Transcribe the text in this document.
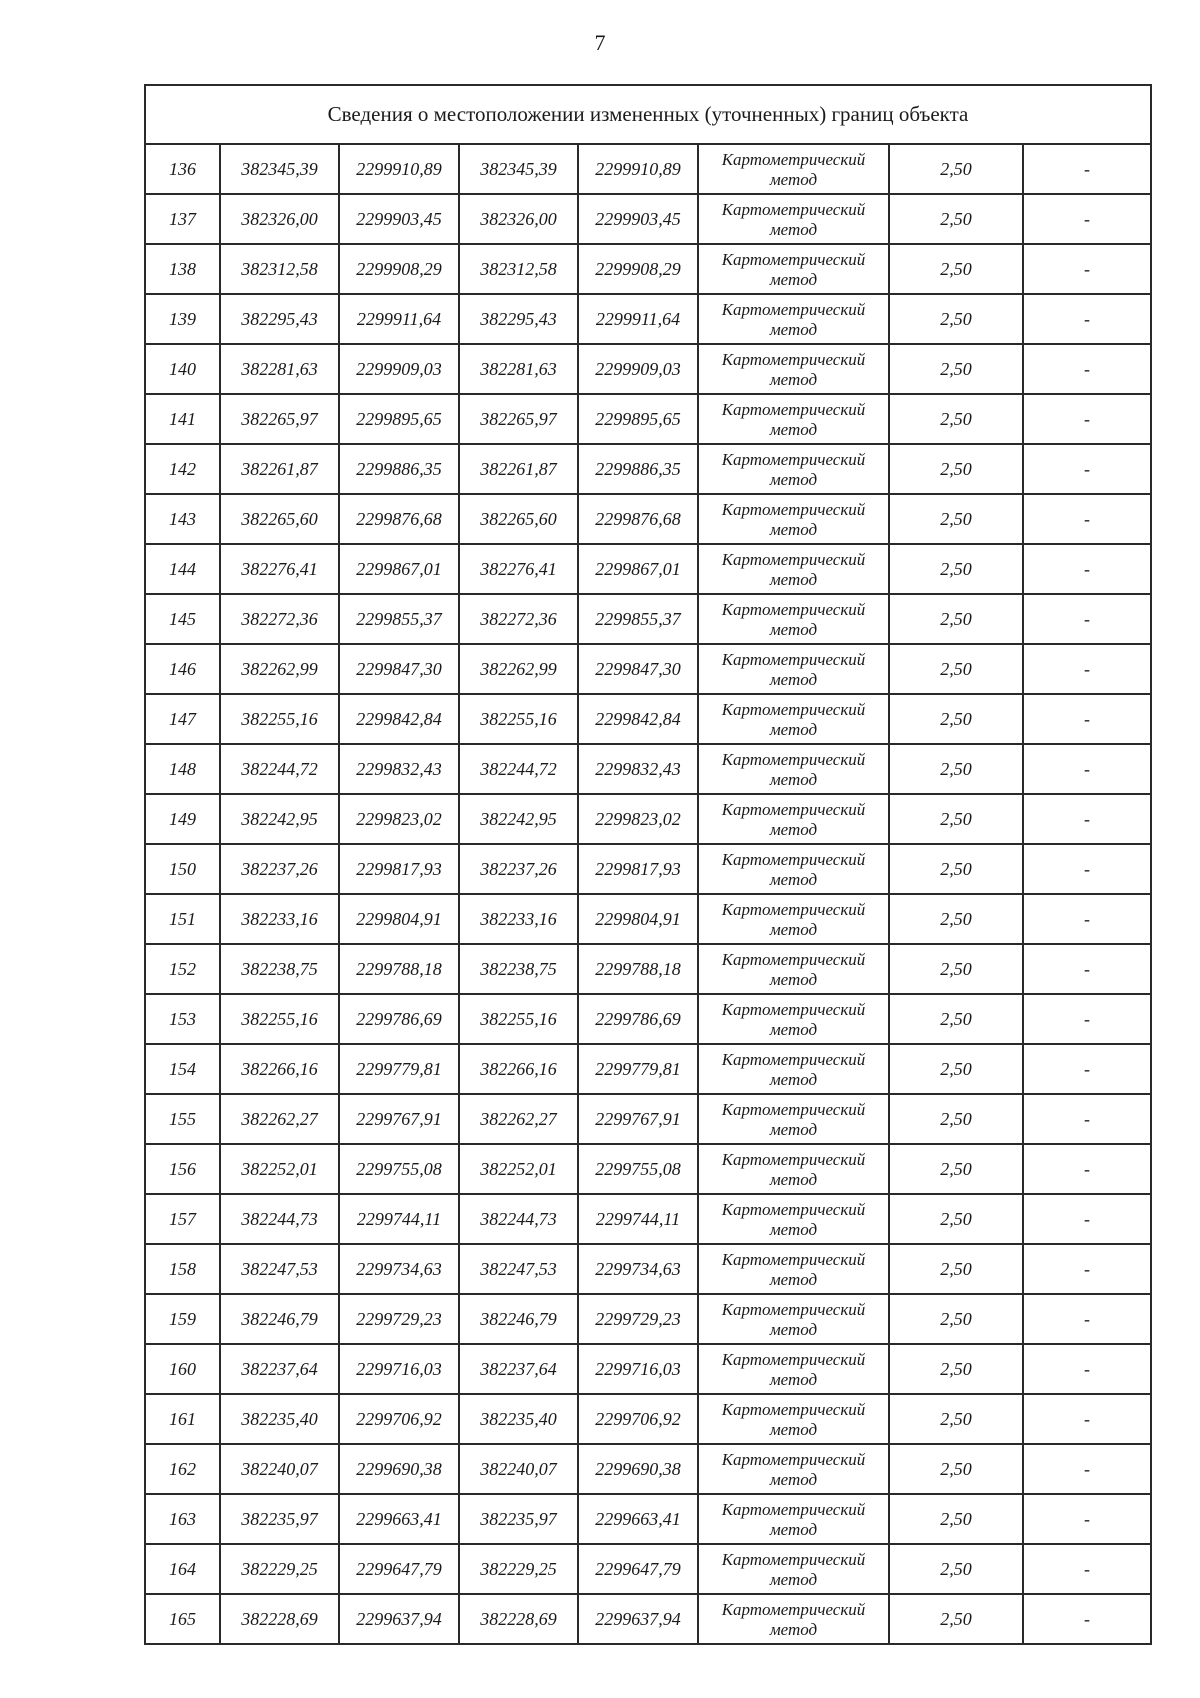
7
Сведения о местоположении измененных (уточненных) границ объекта							
136	382345,39	2299910,89	382345,39	2299910,89	Картометрический метод	2,50	-
137	382326,00	2299903,45	382326,00	2299903,45	Картометрический метод	2,50	-
138	382312,58	2299908,29	382312,58	2299908,29	Картометрический метод	2,50	-
139	382295,43	2299911,64	382295,43	2299911,64	Картометрический метод	2,50	-
140	382281,63	2299909,03	382281,63	2299909,03	Картометрический метод	2,50	-
141	382265,97	2299895,65	382265,97	2299895,65	Картометрический метод	2,50	-
142	382261,87	2299886,35	382261,87	2299886,35	Картометрический метод	2,50	-
143	382265,60	2299876,68	382265,60	2299876,68	Картометрический метод	2,50	-
144	382276,41	2299867,01	382276,41	2299867,01	Картометрический метод	2,50	-
145	382272,36	2299855,37	382272,36	2299855,37	Картометрический метод	2,50	-
146	382262,99	2299847,30	382262,99	2299847,30	Картометрический метод	2,50	-
147	382255,16	2299842,84	382255,16	2299842,84	Картометрический метод	2,50	-
148	382244,72	2299832,43	382244,72	2299832,43	Картометрический метод	2,50	-
149	382242,95	2299823,02	382242,95	2299823,02	Картометрический метод	2,50	-
150	382237,26	2299817,93	382237,26	2299817,93	Картометрический метод	2,50	-
151	382233,16	2299804,91	382233,16	2299804,91	Картометрический метод	2,50	-
152	382238,75	2299788,18	382238,75	2299788,18	Картометрический метод	2,50	-
153	382255,16	2299786,69	382255,16	2299786,69	Картометрический метод	2,50	-
154	382266,16	2299779,81	382266,16	2299779,81	Картометрический метод	2,50	-
155	382262,27	2299767,91	382262,27	2299767,91	Картометрический метод	2,50	-
156	382252,01	2299755,08	382252,01	2299755,08	Картометрический метод	2,50	-
157	382244,73	2299744,11	382244,73	2299744,11	Картометрический метод	2,50	-
158	382247,53	2299734,63	382247,53	2299734,63	Картометрический метод	2,50	-
159	382246,79	2299729,23	382246,79	2299729,23	Картометрический метод	2,50	-
160	382237,64	2299716,03	382237,64	2299716,03	Картометрический метод	2,50	-
161	382235,40	2299706,92	382235,40	2299706,92	Картометрический метод	2,50	-
162	382240,07	2299690,38	382240,07	2299690,38	Картометрический метод	2,50	-
163	382235,97	2299663,41	382235,97	2299663,41	Картометрический метод	2,50	-
164	382229,25	2299647,79	382229,25	2299647,79	Картометрический метод	2,50	-
165	382228,69	2299637,94	382228,69	2299637,94	Картометрический метод	2,50	-
